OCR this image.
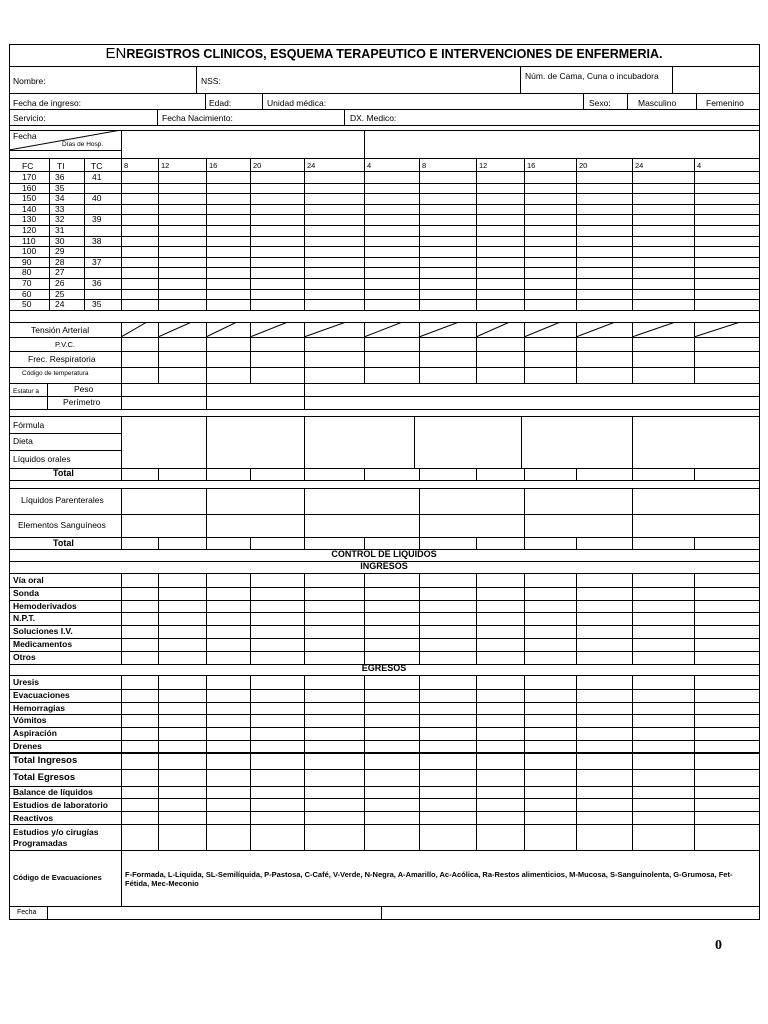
ENREGISTROS CLINICOS, ESQUEMA TERAPEUTICO E INTERVENCIONES DE ENFERMERIA.
Nombre:	NSS:	Núm. de Cama, Cuna o incubadora
Fecha de ingreso:	Edad:	Unidad médica:	Sexo:	Masculino	Femenino
Servicio:	Fecha Nacimiento:	DX. Medico:
Fecha
Días de Hosp.
FC	TI	TC	8	12	16	20	24	4	8	12	16	20	24	4
170 36	41
160 35
150 34	40
140 33
130 32	39
120 31
110 30	38
100 29
90	28	37
80	27
70	26	36
60	25
50	24	35
Tensión Arterial
P.V.C.
Frec. Respiratoria
Código de temperatura
Estatur a	Peso
Perímetro
Fórmula
Dieta
Líquidos orales
Total
Líquidos Parenterales
Elementos Sanguíneos
Total
CONTROL DE LIQUIDOS
INGRESOS
Vía oral
Sonda
Hemoderivados
N.P.T.
Soluciones I.V.
Medicamentos
Otros
EGRESOS
Uresis
Evacuaciones
Hemorragias
Vómitos
Aspiración
Drenes
Total Ingresos
Total Egresos
Balance de líquidos
Estudios de laboratorio
Reactivos
Estudios y/o cirugías Programadas
Código de Evacuaciones	F-Formada, L-Liquida, SL-Semilíquida, P-Pastosa, C-Café, V-Verde, N-Negra, A-Amarillo, Ac-Acólica, Ra-Restos alimenticios, M-Mucosa, S-Sanguinolenta, G-Grumosa, Fet-Fétida, Mec-Meconio
Fecha
0
